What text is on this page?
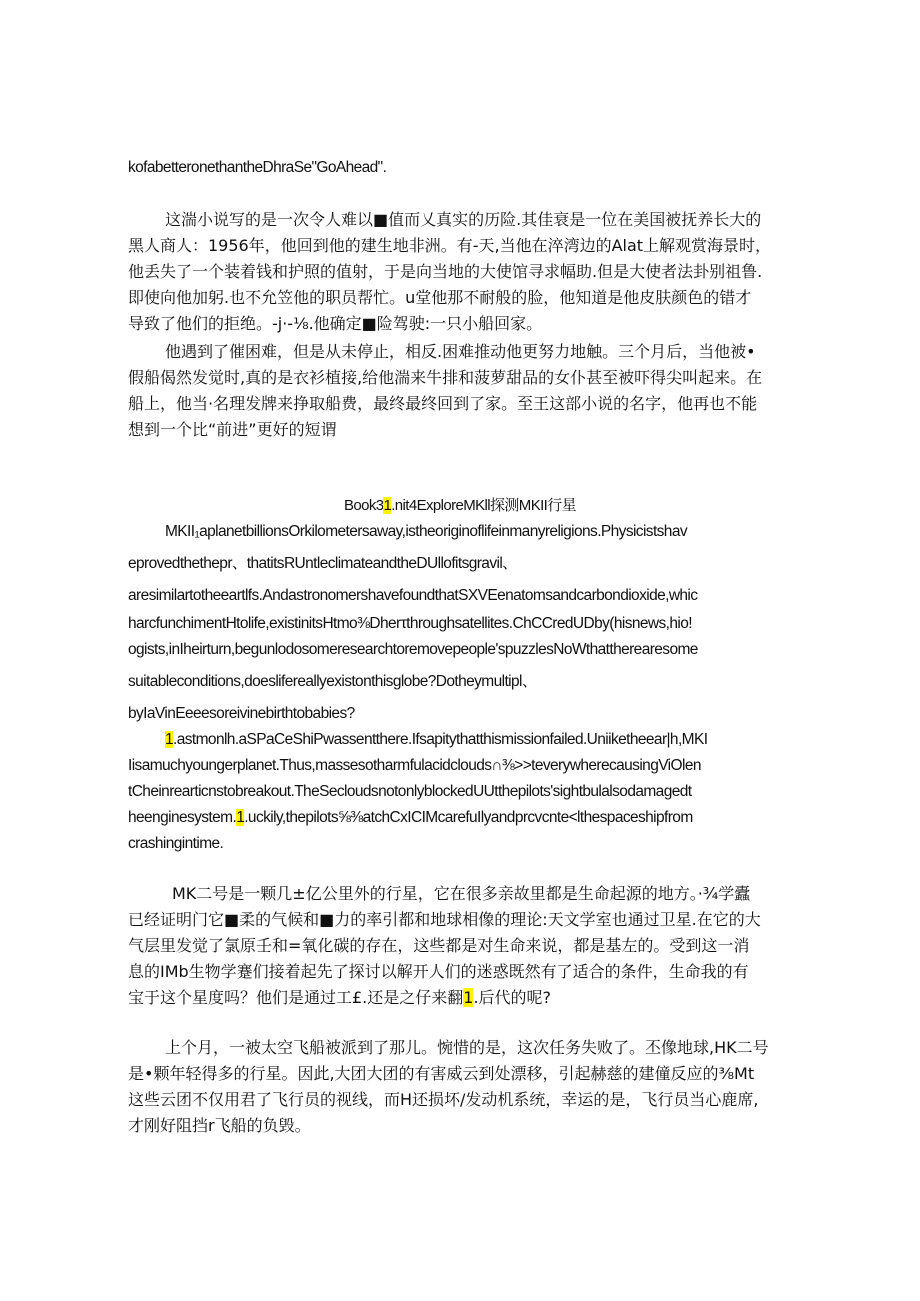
kofabetteronethantheDhraSe"GoAhead".
这湍小说写的是一次令人难以■值而乂真实的历险.其佳衰是一位在美国被抚养长大的
黑人商人：1956年，他回到他的建生地非洲。有-天,当他在淬湾边的Alat上解观赏海景时，
他丢失了一个装着钱和护照的值射，于是向当地的大使馆寻求幅助.但是大使者法卦别祖鲁.
即使向他加躬.也不允笠他的职员帮忙。u堂他那不耐般的脸，他知道是他皮肤颜色的错才
导致了他们的拒绝。-j·-⅛.他确定■险驾驶:一只小船回家。
他遇到了催困难，但是从未停止，相反.困难推动他更努力地触。三个月后，当他被•
假船偈然发觉时,真的是衣衫植接,给他湍来牛排和菠萝甜品的女仆甚至被吓得尖叫起来。在
船上，他当·名理发牌来挣取船费，最终最终回到了家。至王这部小说的名字，他再也不能
想到一个比“前进”更好的短谓
Book31.nit4ExploreMKll探测MKII行星
MKII₁aplanetbillionsOrkilometersaway,istheoriginoflifeinmanyreligions.Physicistshav
eprovedthethepr、thatitsRUntleclimateandtheDUllofitsgravil、
aresimilartotheeartlfs.AndastronomershavefoundthatSXVEenatomsandcarbondioxide,whic
harcfunchimentHtolife,existinitsHtmo⅜Dherτthroughsatellites.ChCCredUDby(hisnews,hio!
ogists,inIheirturn,begunlodosomeresearchtoremovepeople'spuzzlesNoWthattherearesome
suitableconditions,doeslifereallyexistonthisglobe?Dotheymultipl、
byIaVinEeeesoreivinebirthtobabies?
1.astmonlh.aSPaCeShiPwassentthere.Ifsapitythatthismissionfailed.Uniiketheear|h,MKI
Iisamuchyoungerplanet.Thus,massesotharmfulacidclouds∩⅜>>teverywherecausingViOlen
tCheinrearticnstobreakout.TheSecloudsnotonlyblockedUUtthepilots'sightbulalsodamagedt
heenginesystem.1.uckily,thepilots⅝⅜atchCxICIMcarefuIlyandprcvcnte<lthespaceshipfrom
crashingintime.
MK二号是一颗几±亿公里外的行星，它在很多亲故里都是生命起源的地方。·¾学蠹
已经证明门它■柔的气候和■力的率引都和地球相像的理论:天文学室也通过卫星.在它的大
气层里发觉了氯原壬和=氧化碳的存在，这些都是对生命来说，都是基左的。受到这一消
息的IMb生物学蹇们接着起先了探讨以解开人们的迷惑既然有了适合的条件，生命我的有
宝于这个星度吗？他们是通过工£.还是之仔来翻1.后代的呢?
上个月，一被太空飞船被派到了那儿。惋惜的是，这次任务失败了。丕像地球,HK二号
是•颗年轻得多的行星。因此,大团大团的有害威云到处漂移，引起赫慈的建僮反应的⅜Mt
这些云团不仅用君了飞行员的视线，而H还损坏/发动机系统，幸运的是，飞行员当心鹿席,
才刚好阻挡r飞船的负毁。
